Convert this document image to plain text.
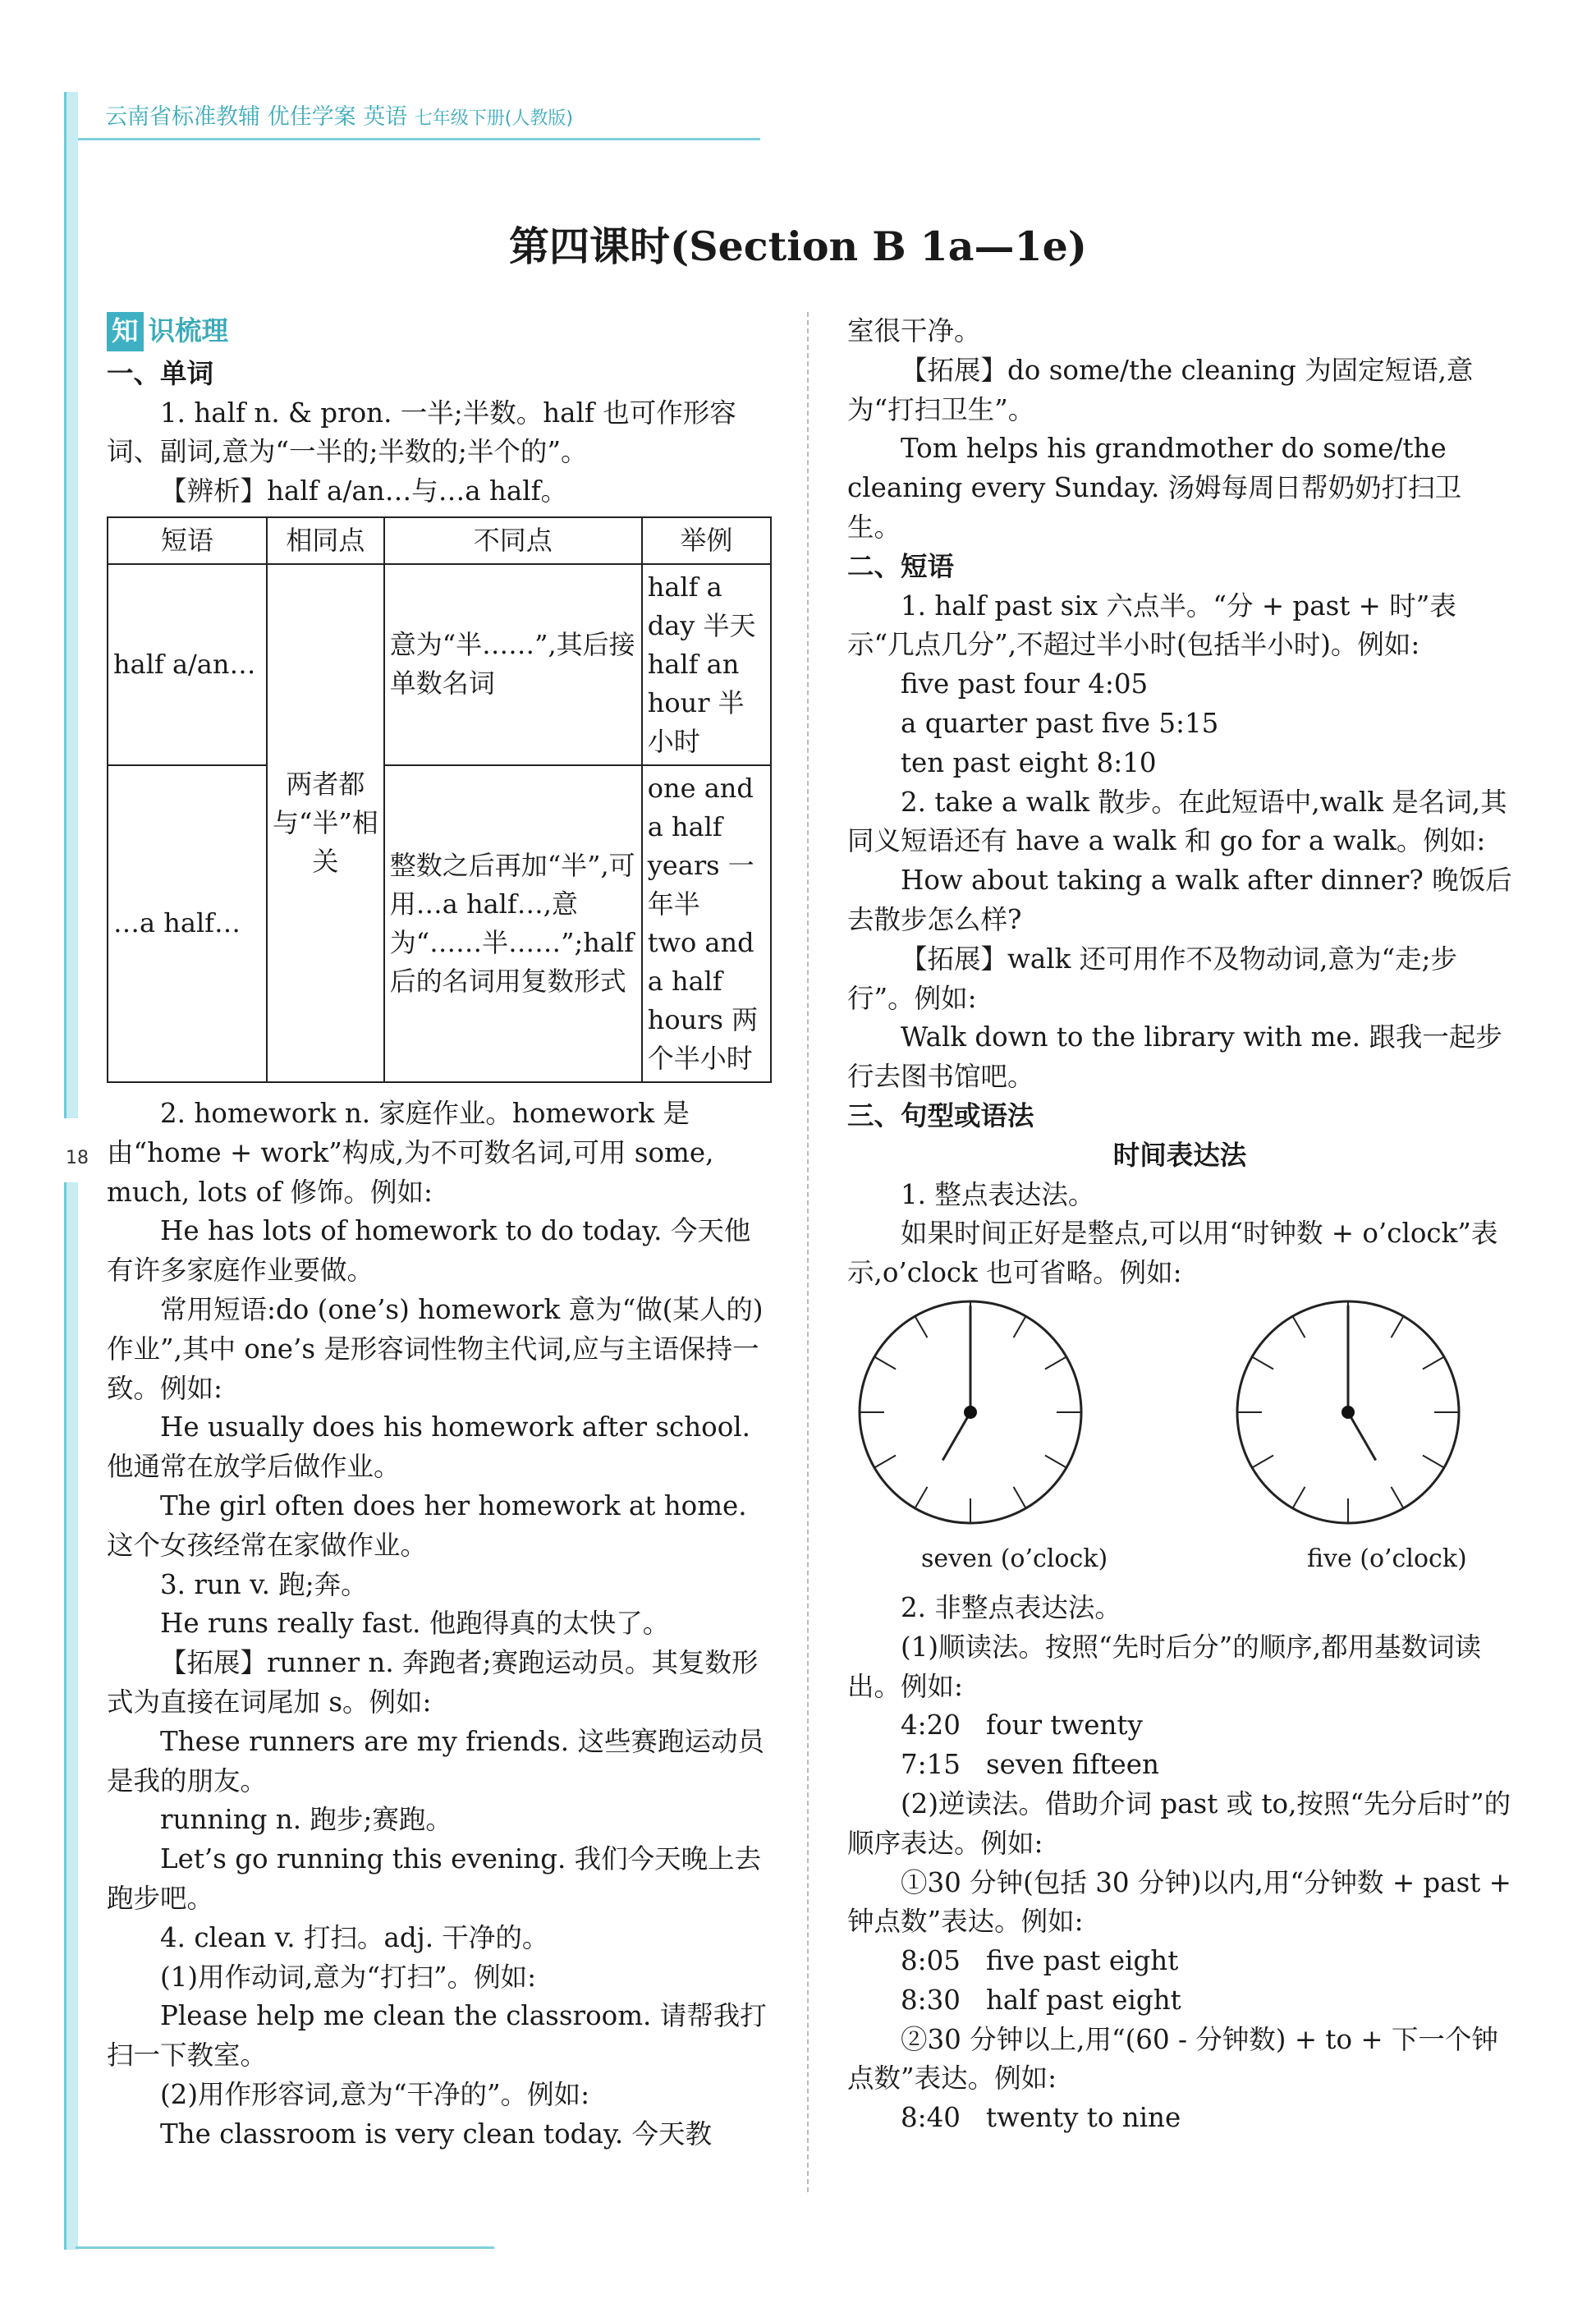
云南省标准教辅 优佳学案 英语 七年级下册(人教版)
18
第四课时(Section B 1a—1e)

知 识梳理

一、单词

1. half n. & pron. 一半;半数。half 也可作形容词、副词,意为“一半的;半数的;半个的”。

【辨析】half a/an…与…a half。

短语	相同点	不同点	举例
half a/an…	两者都与“半”相关	意为“半……”,其后接单数名词	half a day 半天
half an hour 半小时

…a half…		整数之后再加“半”,可用…a half…,意为“……半……”;half 后的名词用复数形式	one and a half years 一年半
two and a half hours 两个半小时

2. homework n. 家庭作业。homework 是由“home + work”构成,为不可数名词,可用 some, much, lots of 修饰。例如:

He has lots of homework to do today. 今天他有许多家庭作业要做。

常用短语:do (one’s) homework 意为“做(某人的)作业”,其中 one’s 是形容词性物主代词,应与主语保持一致。例如:

He usually does his homework after school. 他通常在放学后做作业。

The girl often does her homework at home. 这个女孩经常在家做作业。

3. run v. 跑;奔。

He runs really fast. 他跑得真的太快了。

【拓展】runner n. 奔跑者;赛跑运动员。其复数形式为直接在词尾加 s。例如:

These runners are my friends. 这些赛跑运动员是我的朋友。

running n. 跑步;赛跑。

Let’s go running this evening. 我们今天晚上去跑步吧。

4. clean v. 打扫。adj. 干净的。

(1)用作动词,意为“打扫”。例如:

Please help me clean the classroom. 请帮我打扫一下教室。

(2)用作形容词,意为“干净的”。例如:

The classroom is very clean today. 今天教

室很干净。

【拓展】do some/the cleaning 为固定短语,意为“打扫卫生”。

Tom helps his grandmother do some/the cleaning every Sunday. 汤姆每周日帮奶奶打扫卫生。

二、短语

1. half past six 六点半。“分 + past + 时”表示“几点几分”,不超过半小时(包括半小时)。例如:

five past four 4:05

a quarter past five 5:15

ten past eight 8:10

2. take a walk 散步。在此短语中,walk 是名词,其同义短语还有 have a walk 和 go for a walk。例如:

How about taking a walk after dinner? 晚饭后去散步怎么样?

【拓展】walk 还可用作不及物动词,意为“走;步行”。例如:

Walk down to the library with me. 跟我一起步行去图书馆吧。

三、句型或语法

时间表达法

1. 整点表达法。

如果时间正好是整点,可以用“时钟数 + o’clock”表示,o’clock 也可省略。例如:

seven (o’clock)	five (o’clock)

2. 非整点表达法。

(1)顺读法。按照“先时后分”的顺序,都用基数词读出。例如:

4:20   four twenty

7:15   seven fifteen

(2)逆读法。借助介词 past 或 to,按照“先分后时”的顺序表达。例如:

①30 分钟(包括 30 分钟)以内,用“分钟数 + past + 钟点数”表达。例如:

8:05   five past eight

8:30   half past eight

②30 分钟以上,用“(60 - 分钟数) + to + 下一个钟点数”表达。例如:

8:40   twenty to nine
